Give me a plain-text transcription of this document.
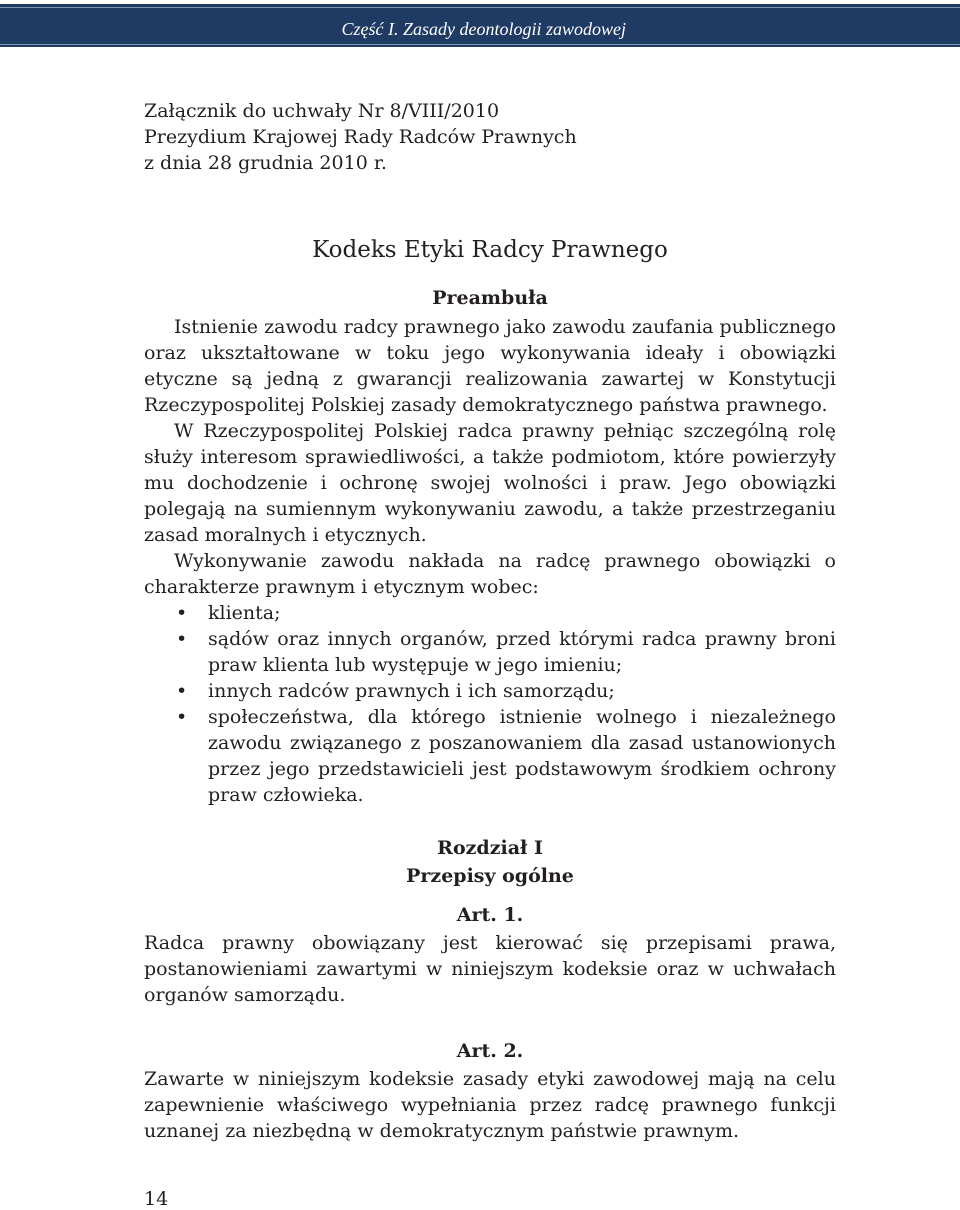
Część I. Zasady deontologii zawodowej

Załącznik do uchwały Nr 8/VIII/2010

Prezydium Krajowej Rady Radców Prawnych

z dnia 28 grudnia 2010 r.

Kodeks Etyki Radcy Prawnego
Preambuła

Istnienie zawodu radcy prawnego jako zawodu zaufania publicznego oraz ukształtowane w toku jego wykonywania ideały i obowiązki etyczne są jedną z gwarancji realizowania zawartej w Konstytucji Rzeczypospolitej Polskiej zasady demokratycznego państwa prawnego.

W Rzeczypospolitej Polskiej radca prawny pełniąc szczególną rolę służy interesom sprawiedliwości, a także podmiotom, które powierzyły mu dochodzenie i ochronę swojej wolności i praw. Jego obowiązki polegają na sumiennym wykonywaniu zawodu, a także przestrzeganiu zasad moralnych i etycznych.

Wykonywanie zawodu nakłada na radcę prawnego obowiązki o charakterze prawnym i etycznym wobec:

• klienta;
• sądów oraz innych organów, przed którymi radca prawny broni praw klienta lub występuje w jego imieniu;
• innych radców prawnych i ich samorządu;
• społeczeństwa, dla którego istnienie wolnego i niezależnego zawodu związanego z poszanowaniem dla zasad ustanowionych przez jego przedstawicieli jest podstawowym środkiem ochrony praw człowieka.
Rozdział I
Przepisy ogólne
Art. 1.

Radca prawny obowiązany jest kierować się przepisami prawa, postanowieniami zawartymi w niniejszym kodeksie oraz w uchwałach organów samorządu.

Art. 2.

Zawarte w niniejszym kodeksie zasady etyki zawodowej mają na celu zapewnienie właściwego wypełniania przez radcę prawnego funkcji uznanej za niezbędną w demokratycznym państwie prawnym.

14
